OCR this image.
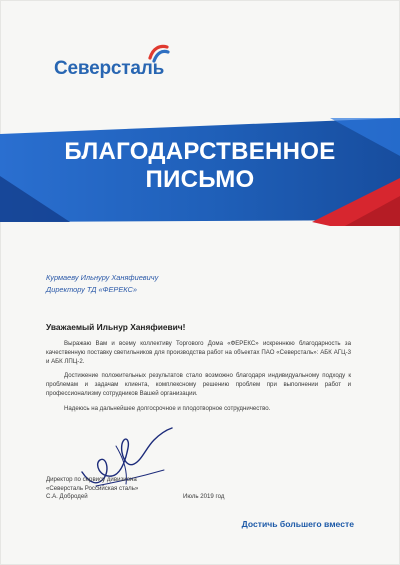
Северсталь
БЛАГОДАРСТВЕННОЕ
ПИСЬМО
Курмаеву Ильнуру Ханяфиевичу
Директору ТД «ФЕРЕКС»
Уважаемый Ильнур Ханяфиевич!

Выражаю Вам и всему коллективу Торгового Дома «ФЕРЕКС» искреннюю благодарность за качественную поставку светильников для производства работ на объектах ПАО «Северсталь»: АБК АГЦ-3 и АБК ЛПЦ-2.

Достижение положительных результатов стало возможно благодаря индивидуальному подходу к проблемам и задачам клиента, комплексному решению проблем при выполнении работ и профессионализму сотрудников Вашей организации.

Надеюсь на дальнейшее долгосрочное и плодотворное сотрудничество.

Директор по сервису дивизиона
«Северсталь Российская сталь»
С.А. Добродей	Июль 2019 год
Достичь большего вместе
